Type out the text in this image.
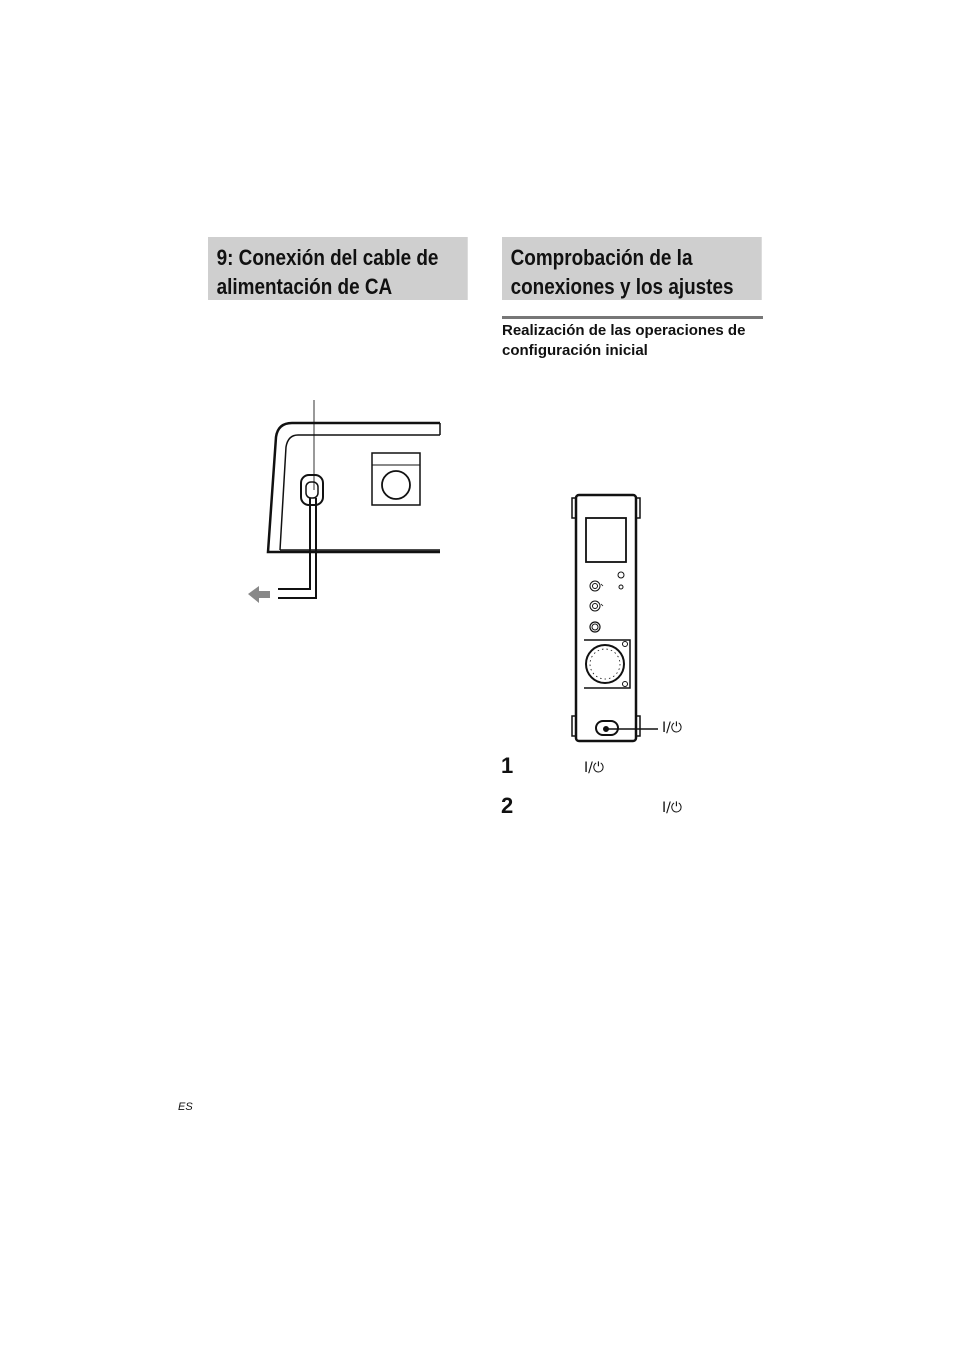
9: Conexión del cable de alimentación de CA
Comprobación de la conexiones y los ajustes
Realización de las operaciones de configuración inicial
I/⏻
1	I/⏻
2	I/⏻
ES
